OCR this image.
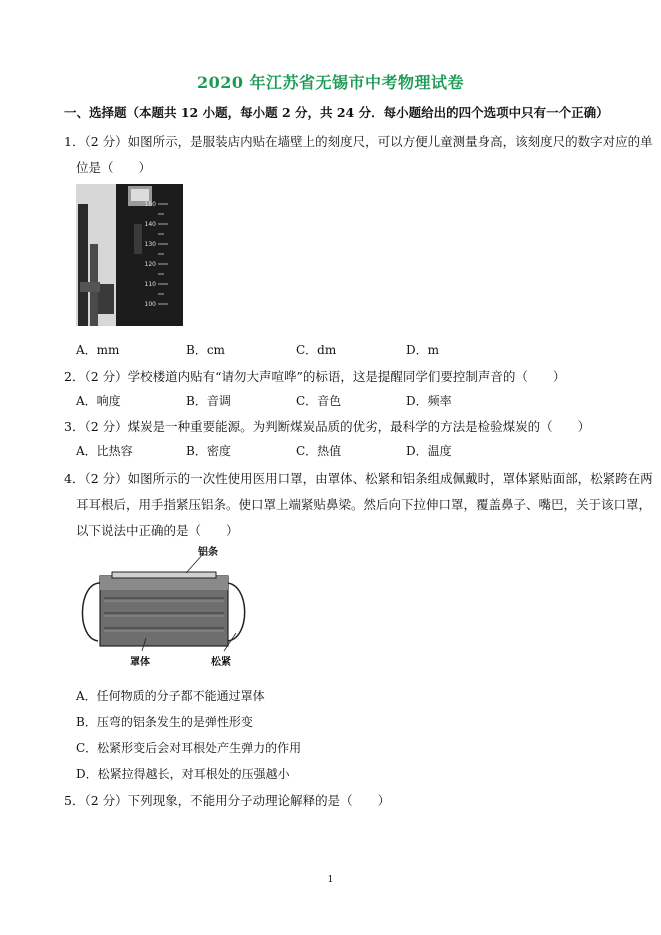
2020 年江苏省无锡市中考物理试卷
一、选择题（本题共 12 小题，每小题 2 分，共 24 分．每小题给出的四个选项中只有一个正确）
1．（2 分）如图所示，是服装店内贴在墙壁上的刻度尺，可以方便儿童测量身高，该刻度尺的数字对应的单
位是（　　）
150
140
130
120
110
100
A．mm	B．cm	C．dm	D．m
2．（2 分）学校楼道内贴有“请勿大声喧哗”的标语，这是提醒同学们要控制声音的（　　）
A．响度	B．音调	C．音色	D．频率
3．（2 分）煤炭是一种重要能源。为判断煤炭品质的优劣，最科学的方法是检验煤炭的（　　）
A．比热容	B．密度	C．热值	D．温度
4．（2 分）如图所示的一次性使用医用口罩，由罩体、松紧和铝条组成佩戴时，罩体紧贴面部，松紧跨在两
耳耳根后，用手指紧压铝条。使口罩上端紧贴鼻梁。然后向下拉伸口罩，覆盖鼻子、嘴巴，关于该口罩，
以下说法中正确的是（　　）
铝条
罩体	松紧
A．任何物质的分子都不能通过罩体
B．压弯的铝条发生的是弹性形变
C．松紧形变后会对耳根处产生弹力的作用
D．松紧拉得越长，对耳根处的压强越小
5．（2 分）下列现象，不能用分子动理论解释的是（　　）
1
